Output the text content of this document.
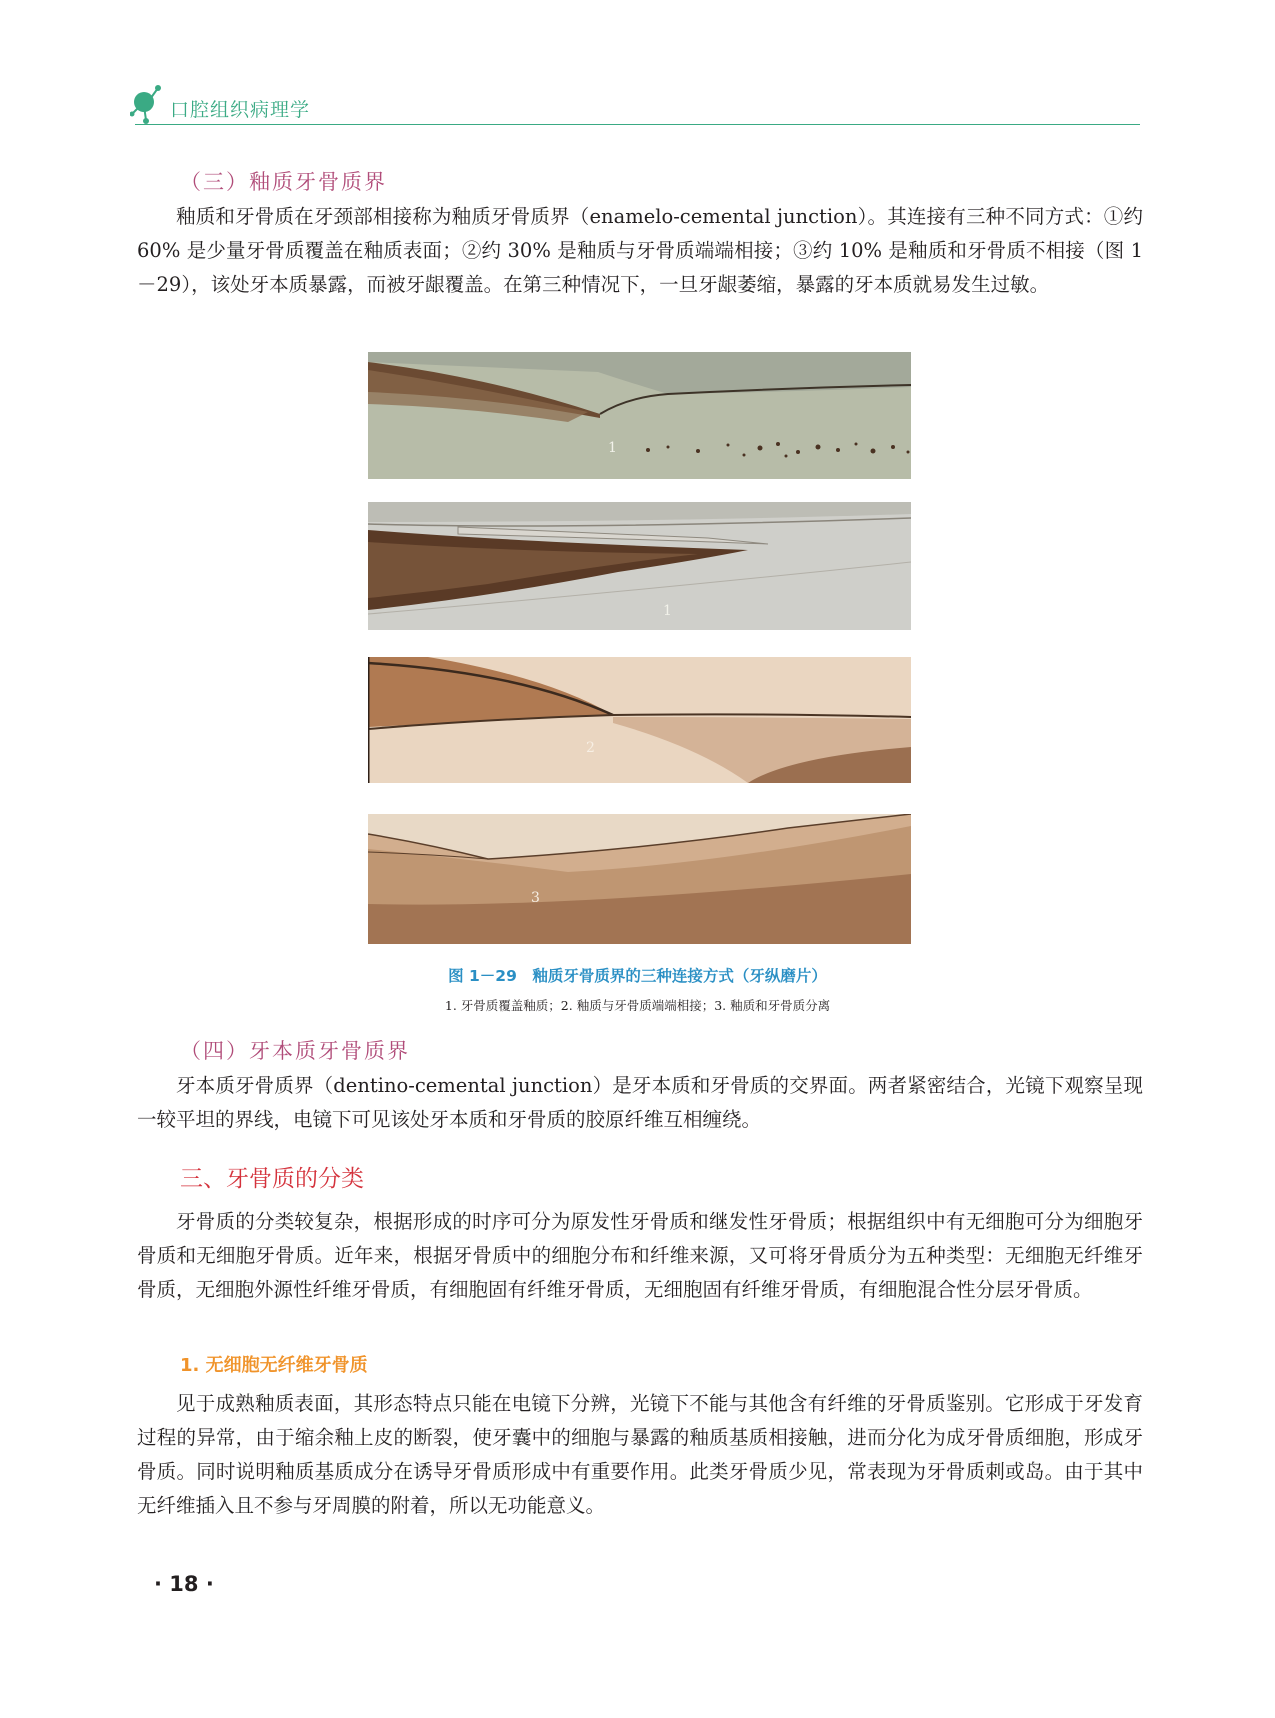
口腔组织病理学
（三）釉质牙骨质界
釉质和牙骨质在牙颈部相接称为釉质牙骨质界（enamelo-cemental junction）。其连接有三种不同方式：①约 60% 是少量牙骨质覆盖在釉质表面；②约 30% 是釉质与牙骨质端端相接；③约 10% 是釉质和牙骨质不相接（图 1－29），该处牙本质暴露，而被牙龈覆盖。在第三种情况下，一旦牙龈萎缩，暴露的牙本质就易发生过敏。
1
1
2
3
图 1－29　釉质牙骨质界的三种连接方式（牙纵磨片）
1. 牙骨质覆盖釉质；2. 釉质与牙骨质端端相接；3. 釉质和牙骨质分离
（四）牙本质牙骨质界
牙本质牙骨质界（dentino-cemental junction）是牙本质和牙骨质的交界面。两者紧密结合，光镜下观察呈现一较平坦的界线，电镜下可见该处牙本质和牙骨质的胶原纤维互相缠绕。
三、牙骨质的分类
牙骨质的分类较复杂，根据形成的时序可分为原发性牙骨质和继发性牙骨质；根据组织中有无细胞可分为细胞牙骨质和无细胞牙骨质。近年来，根据牙骨质中的细胞分布和纤维来源，又可将牙骨质分为五种类型：无细胞无纤维牙骨质，无细胞外源性纤维牙骨质，有细胞固有纤维牙骨质，无细胞固有纤维牙骨质，有细胞混合性分层牙骨质。
1. 无细胞无纤维牙骨质
见于成熟釉质表面，其形态特点只能在电镜下分辨，光镜下不能与其他含有纤维的牙骨质鉴别。它形成于牙发育过程的异常，由于缩余釉上皮的断裂，使牙囊中的细胞与暴露的釉质基质相接触，进而分化为成牙骨质细胞，形成牙骨质。同时说明釉质基质成分在诱导牙骨质形成中有重要作用。此类牙骨质少见，常表现为牙骨质刺或岛。由于其中无纤维插入且不参与牙周膜的附着，所以无功能意义。
· 18 ·
